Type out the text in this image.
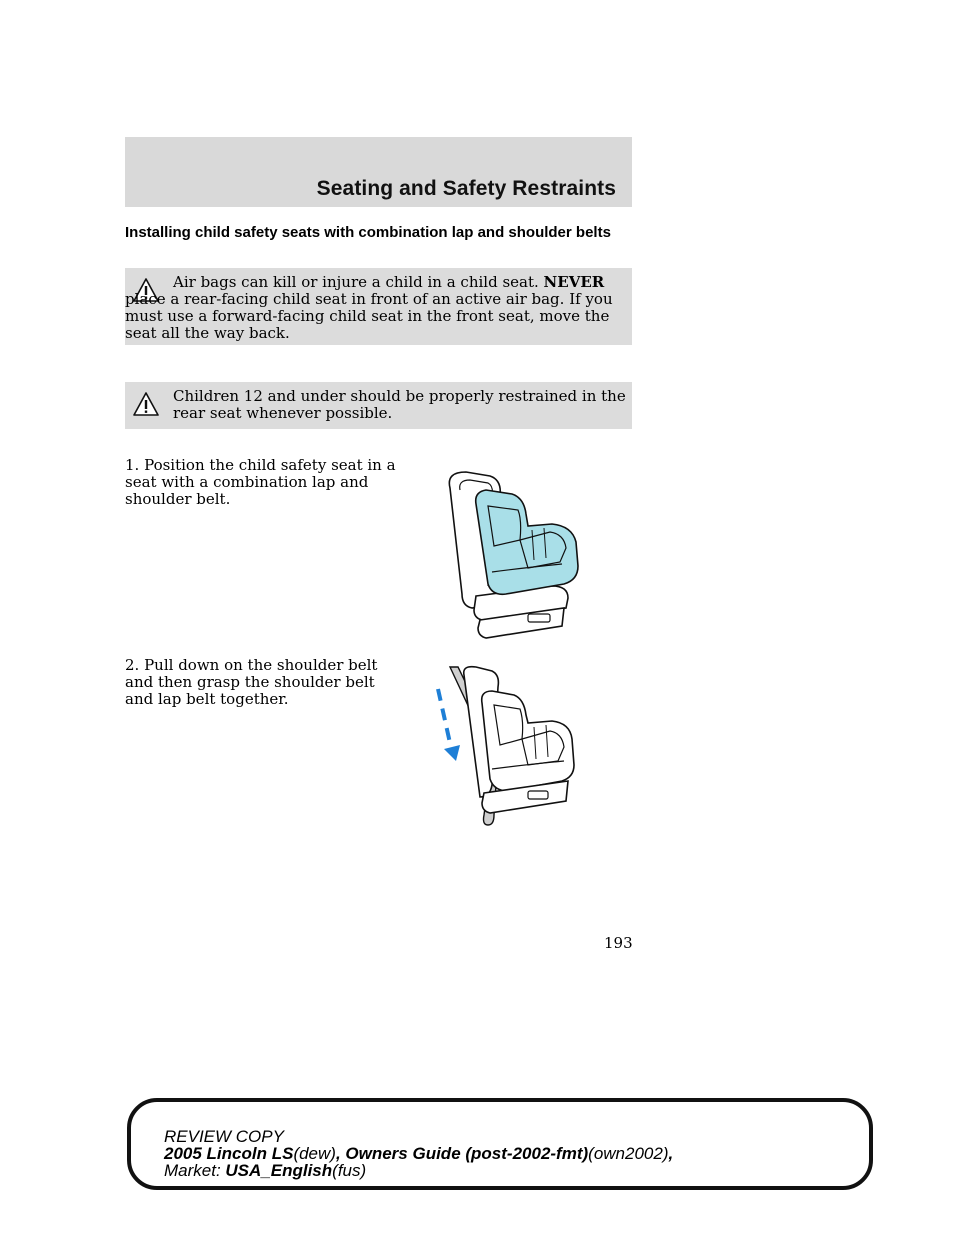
Seating and Safety Restraints
Installing child safety seats with combination lap and shoulder belts
Air bags can kill or injure a child in a child seat. NEVER place a rear-facing child seat in front of an active air bag. If you must use a forward-facing child seat in the front seat, move the seat all the way back.
Children 12 and under should be properly restrained in the rear seat whenever possible.
1. Position the child safety seat in a seat with a combination lap and shoulder belt.
2. Pull down on the shoulder belt and then grasp the shoulder belt and lap belt together.
193
REVIEW COPY
2005 Lincoln LS(dew), Owners Guide (post-2002-fmt)(own2002),
Market: USA_English(fus)
